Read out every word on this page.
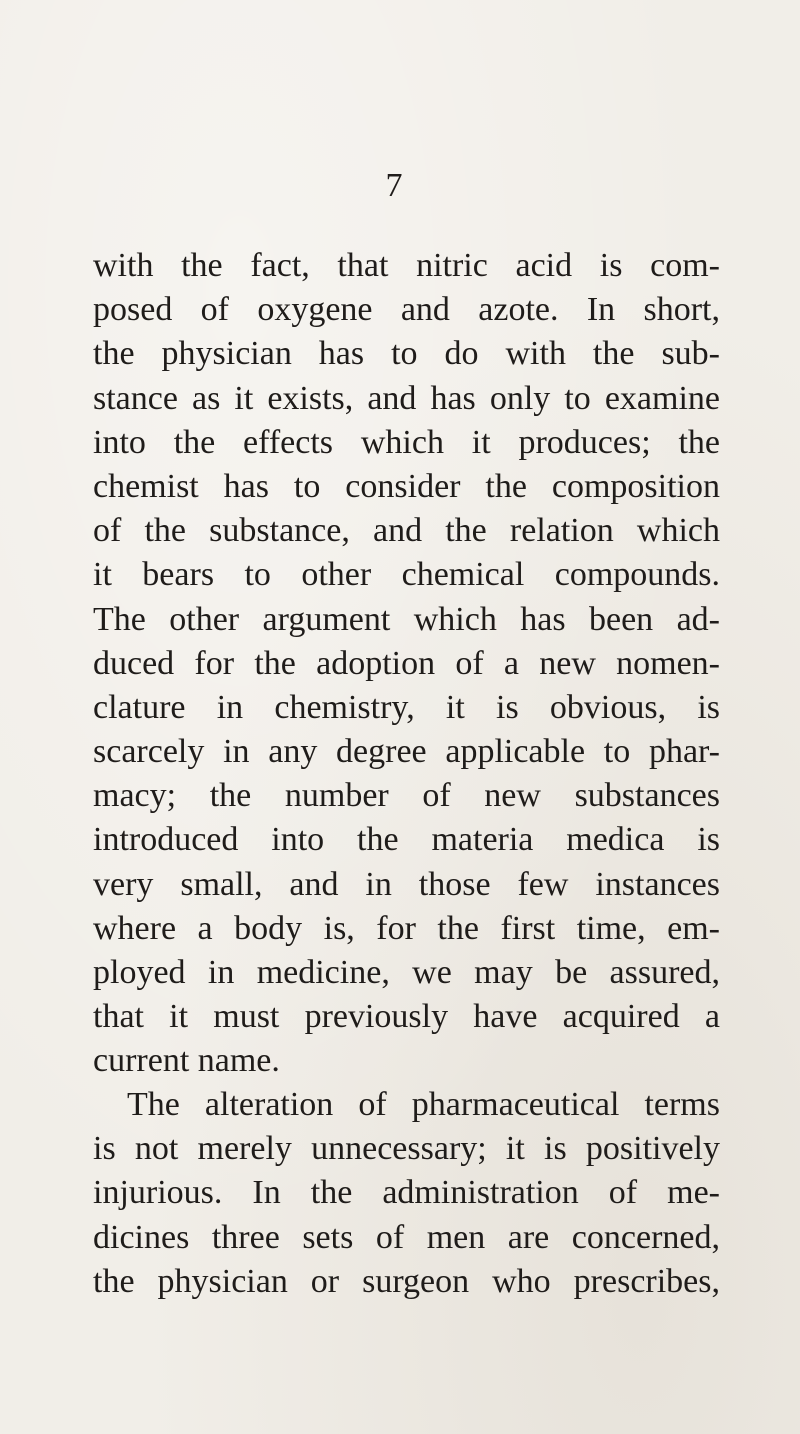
7
with the fact, that nitric acid is com-
posed of oxygene and azote. In short,
the physician has to do with the sub-
stance as it exists, and has only to examine
into the effects which it produces; the
chemist has to consider the composition
of the substance, and the relation which
it bears to other chemical compounds.
The other argument which has been ad-
duced for the adoption of a new nomen-
clature in chemistry, it is obvious, is
scarcely in any degree applicable to phar-
macy; the number of new substances
introduced into the materia medica is
very small, and in those few instances
where a body is, for the first time, em-
ployed in medicine, we may be assured,
that it must previously have acquired a
current name.
The alteration of pharmaceutical terms
is not merely unnecessary; it is positively
injurious. In the administration of me-
dicines three sets of men are concerned,
the physician or surgeon who prescribes,
